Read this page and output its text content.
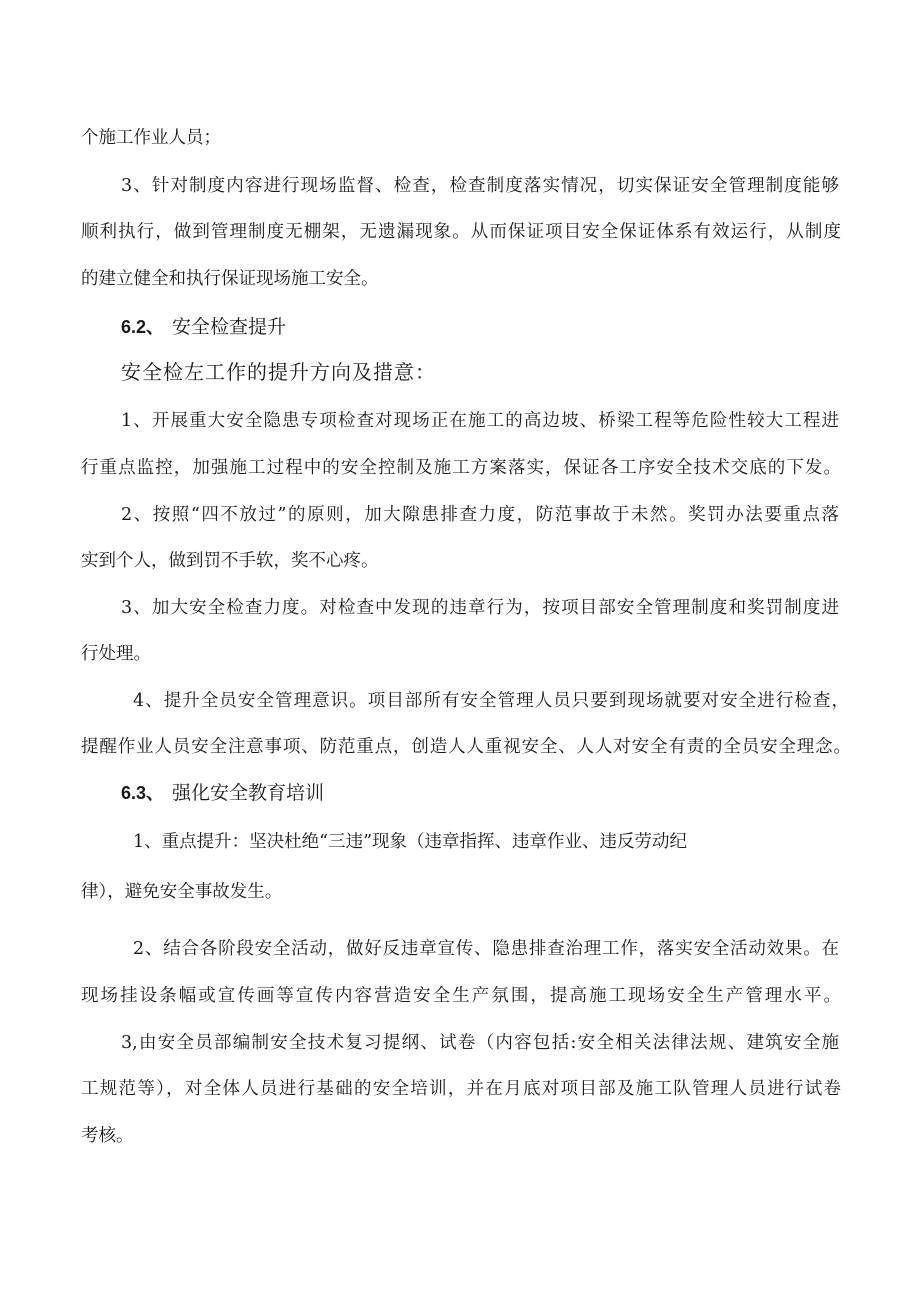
个施工作业人员；
3、针对制度内容进行现场监督、检查，检查制度落实情况，切实保证安全管理制度能够
顺利执行，做到管理制度无棚架，无遗漏现象。从而保证项目安全保证体系有效运行，从制度
的建立健全和执行保证现场施工安全。
6.2、 安全检查提升
安全检左工作的提升方向及措意：
1、开展重大安全隐患专项检查对现场正在施工的高边坡、桥梁工程等危险性较大工程进
行重点监控，加强施工过程中的安全控制及施工方案落实，保证各工序安全技术交底的下发。
2、按照“四不放过”的原则，加大隙患排查力度，防范事故于未然。奖罚办法要重点落
实到个人，做到罚不手软，奖不心疼。
3、加大安全检查力度。对检查中发现的违章行为，按项目部安全管理制度和奖罚制度进
行处理。
4、提升全员安全管理意识。项目部所有安全管理人员只要到现场就要对安全进行检查，
提醒作业人员安全注意事项、防范重点，创造人人重视安全、人人对安全有责的全员安全理念。
6.3、 强化安全教育培训
1、重点提升：坚决杜绝“三违”现象（违章指挥、违章作业、违反劳动纪
律），避免安全事故发生。
2、结合各阶段安全活动，做好反违章宣传、隐患排查治理工作，落实安全活动效果。在
现场挂设条幅或宣传画等宣传内容营造安全生产氛围，提高施工现场安全生产管理水平。
3,由安全员部编制安全技术复习提纲、试卷（内容包括:安全相关法律法规、建筑安全施
工规范等），对全体人员进行基础的安全培训，并在月底对项目部及施工队管理人员进行试卷
考核。
